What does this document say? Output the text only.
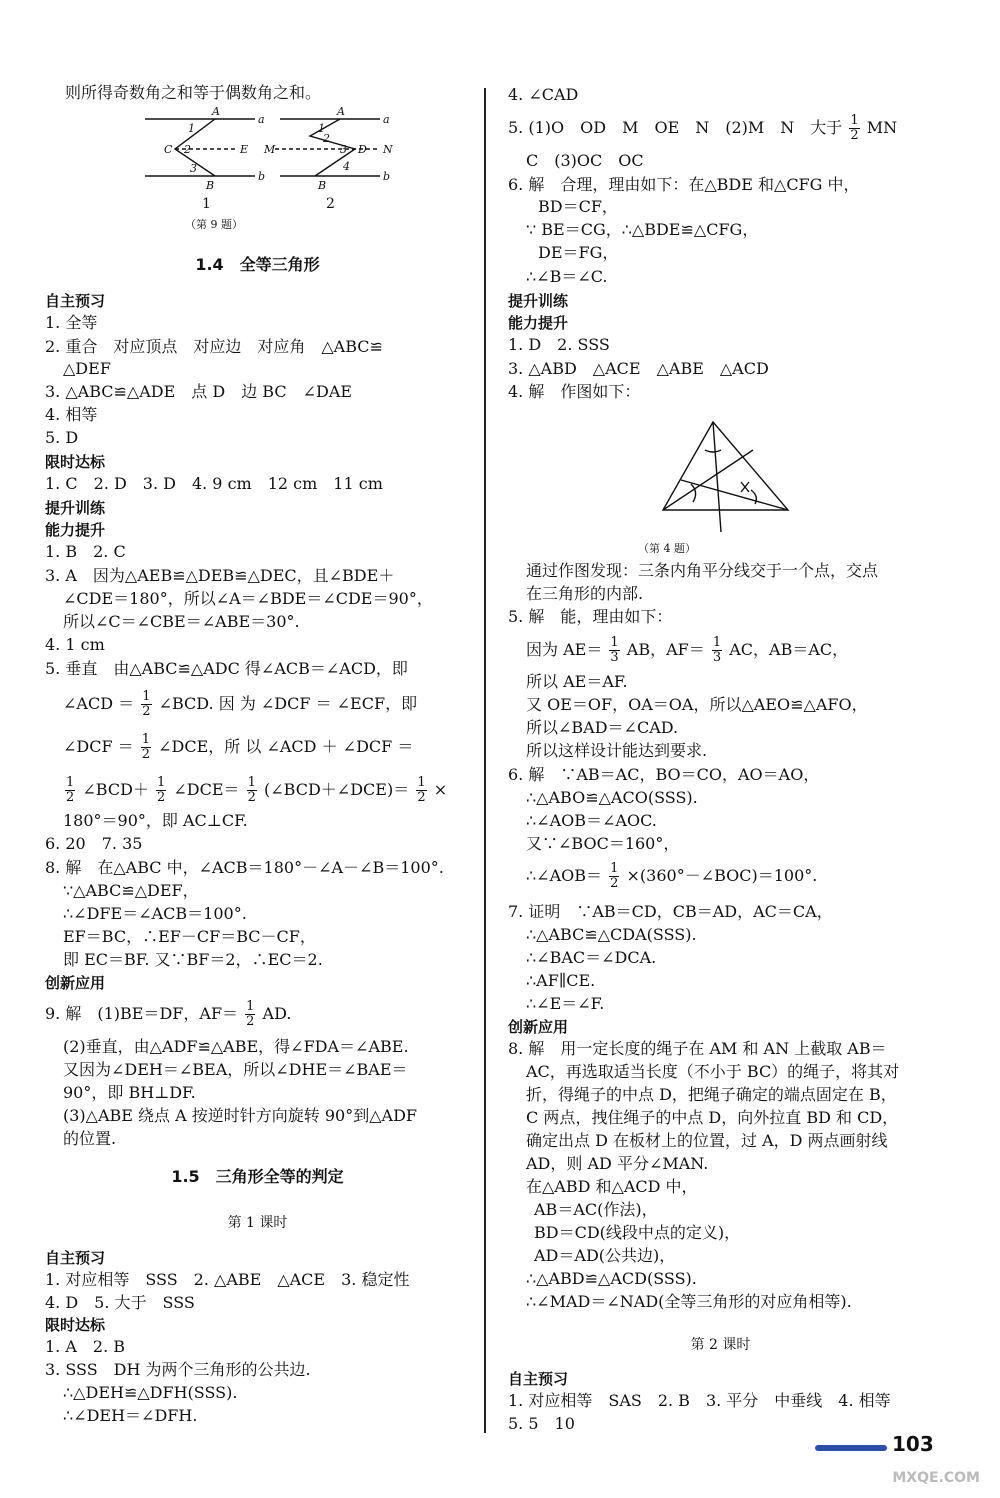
则所得奇数角之和等于偶数角之和。
A
a
1
2
C	E
3
B
b
A
a
1
2
M	3 D N
4
B
b
1	2
（第 9 题）
1.4　全等三角形
自主预习
1. 全等
2. 重合　对应顶点　对应边　对应角　△ABC≌
△DEF
3. △ABC≌△ADE　点 D　边 BC　∠DAE
4. 相等
5. D
限时达标
1. C　2. D　3. D　4. 9 cm　12 cm　11 cm
提升训练
能力提升
1. B　2. C
3. A　因为△AEB≌△DEB≌△DEC，且∠BDE＋
∠CDE＝180°，所以∠A＝∠BDE＝∠CDE＝90°，
所以∠C＝∠CBE＝∠ABE＝30°.
4. 1 cm
5. 垂直　由△ABC≌△ADC 得∠ACB＝∠ACD，即
∠ACD ＝ $\frac{1}{2}$ ∠BCD. 因 为 ∠DCF ＝ ∠ECF，即
∠DCF ＝ $\frac{1}{2}$ ∠DCE，所 以 ∠ACD ＋ ∠DCF ＝
$\frac{1}{2}$ ∠BCD＋ $\frac{1}{2}$ ∠DCE＝ $\frac{1}{2}$ (∠BCD＋∠DCE)＝ $\frac{1}{2}$ ×
180°＝90°，即 AC⊥CF.
6. 20　7. 35
8. 解　在△ABC 中，∠ACB＝180°－∠A－∠B＝100°.
∵△ABC≌△DEF，
∴∠DFE＝∠ACB＝100°.
EF＝BC，∴EF－CF＝BC－CF，
即 EC＝BF. 又∵BF＝2，∴EC＝2.
创新应用
9. 解　(1)BE＝DF，$AF= \frac{1}{2}$ AD.
(2)垂直，由△ADF≌△ABE，得∠FDA＝∠ABE.
又因为∠DEH＝∠BEA，所以∠DHE＝∠BAE＝
90°，即 BH⊥DF.
(3)△ABE 绕点 A 按逆时针方向旋转 90°到△ADF
的位置.
1.5　三角形全等的判定
第 1 课时
自主预习
1. 对应相等　SSS　2. △ABE　△ACE　3. 稳定性
4. D　5. 大于　SSS
限时达标
1. A　2. B
3. SSS　DH 为两个三角形的公共边.
∴△DEH≌△DFH(SSS).
∴∠DEH＝∠DFH.
4. ∠CAD
5. (1)O　OD　M　OE　N　(2)M　N　大于 $\frac{1}{2}$ MN
C　(3)OC　OC
6. 解　合理，理由如下：在△BDE 和△CFG 中，
BD＝CF，
∵ BE＝CG，∴△BDE≌△CFG，
DE＝FG，
∴∠B＝∠C.
提升训练
能力提升
1. D　2. SSS
3. △ABD　△ACE　△ABE　△ACD
4. 解　作图如下：
（第 4 题）
通过作图发现：三条内角平分线交于一个点，交点
在三角形的内部.
5. 解　能，理由如下：
因为 $AE= \frac{1}{3}$ AB，$AF= \frac{1}{3}$ AC，AB＝AC，
所以 AE＝AF.
又 OE＝OF，OA＝OA，所以△AEO≌△AFO，
所以∠BAD＝∠CAD.
所以这样设计能达到要求.
6. 解　∵AB＝AC，BO＝CO，AO＝AO，
∴△ABO≌△ACO(SSS).
∴∠AOB＝∠AOC.
又∵∠BOC＝160°，
∴∠AOB＝ $\frac{1}{2}$ ×(360°－∠BOC)＝100°.
7. 证明　∵AB＝CD，CB＝AD，AC＝CA，
∴△ABC≌△CDA(SSS).
∴∠BAC＝∠DCA.
∴AF∥CE.
∴∠E＝∠F.
创新应用
8. 解　用一定长度的绳子在 AM 和 AN 上截取 AB＝
AC，再选取适当长度（不小于 BC）的绳子，将其对
折，得绳子的中点 D，把绳子确定的端点固定在 B，
C 两点，拽住绳子的中点 D，向外拉直 BD 和 CD，
确定出点 D 在板材上的位置，过 A，D 两点画射线
AD，则 AD 平分∠MAN.
在△ABD 和△ACD 中，
AB＝AC(作法)，
BD＝CD(线段中点的定义)，
AD＝AD(公共边)，
∴△ABD≌△ACD(SSS).
∴∠MAD＝∠NAD(全等三角形的对应角相等).
第 2 课时
自主预习
1. 对应相等　SAS　2. B　3. 平分　中垂线　4. 相等
5. 5　10
103
MXQE.COM
